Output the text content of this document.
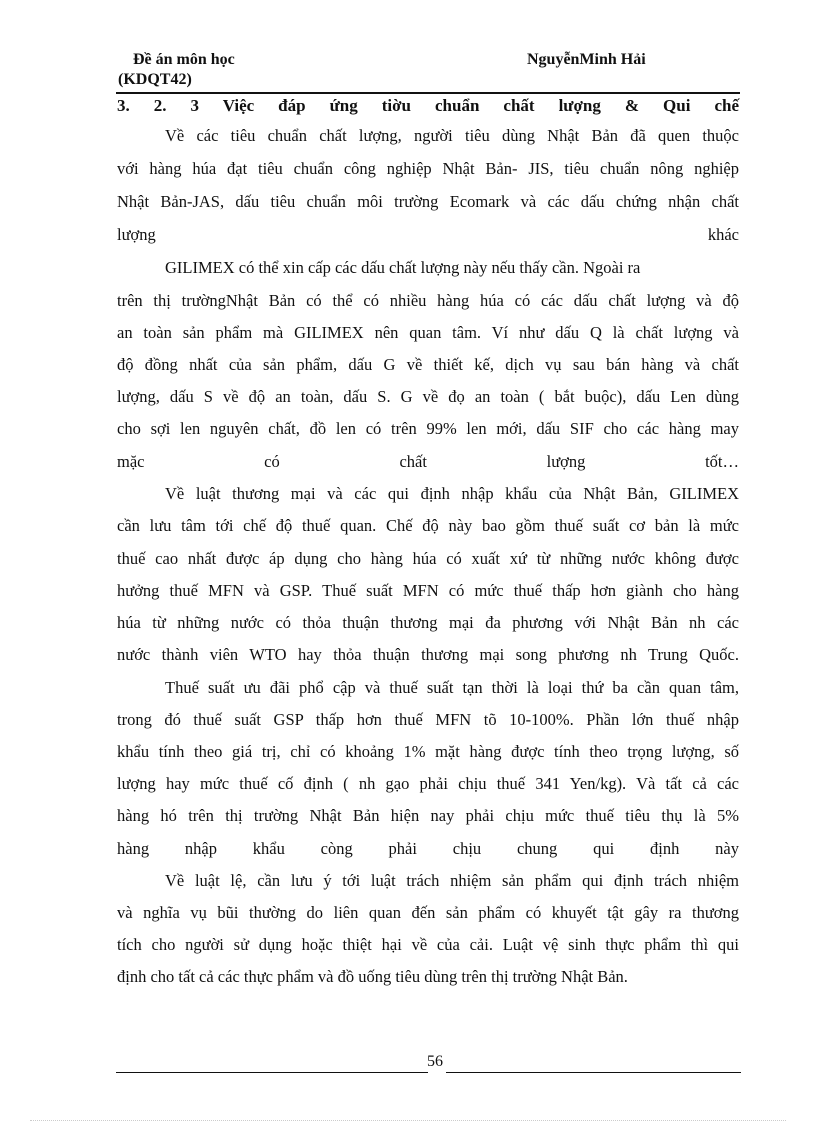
Đề án môn học
(KDQT42)
NguyễnMinh Hải
3. 2. 3 Việc đáp ứng tiờu chuẩn chất lượng & Qui chế
Về các tiêu chuẩn chất lượng, người tiêu dùng Nhật Bản đã quen thuộc
với hàng húa đạt tiêu chuẩn công nghiệp Nhật Bản- JIS, tiêu chuẩn nông nghiệp
Nhật Bản-JAS, dấu tiêu chuẩn môi trường Ecomark và các dấu chứng nhận chất
lượng khác
GILIMEX có thể xin cấp các dấu chất lượng này nếu thấy cần. Ngoài ra
trên thị trườngNhật Bản có thể có nhiều hàng húa có các dấu chất lượng và độ
an toàn sản phẩm mà GILIMEX nên quan tâm. Ví như dấu Q là chất lượng và
độ đồng nhất của sản phẩm, dấu G về thiết kế, dịch vụ sau bán hàng và chất
lượng, dấu S về độ an toàn, dấu S. G về đọ an toàn ( bắt buộc), dấu Len dùng
cho sợi len nguyên chất, đồ len có trên 99% len mới, dấu SIF cho các hàng may
mặc có chất lượng tốt…
Về luật thương mại và các qui định nhập khẩu của Nhật Bản, GILIMEX
cần lưu tâm tới chế độ thuế quan. Chế độ này bao gồm thuế suất cơ bản là mức
thuế cao nhất được áp dụng cho hàng húa có xuất xứ từ những nước không được
hưởng thuế MFN và GSP. Thuế suất MFN có mức thuế thấp hơn giành cho hàng
húa từ những nước có thỏa thuận thương mại đa phương với Nhật Bản nh các
nước thành viên WTO hay thỏa thuận thương mại song phương nh Trung Quốc.
Thuế suất ưu đãi phổ cập và thuế suất tạn thời là loại thứ ba cần quan tâm,
trong đó thuế suất GSP thấp hơn thuế MFN tõ 10-100%. Phần lớn thuế nhập
khẩu tính theo giá trị, chỉ có khoảng 1% mặt hàng được tính theo trọng lượng, số
lượng hay mức thuế cố định ( nh gạo phải chịu thuế 341 Yen/kg). Và tất cả các
hàng hó trên thị trường Nhật Bản hiện nay phải chịu mức thuế tiêu thụ là 5%
hàng nhập khẩu còng phải chịu chung qui định này
Về luật lệ, cần lưu ý tới luật trách nhiệm sản phẩm qui định trách nhiệm
và nghĩa vụ bũi thường do liên quan đến sản phẩm có khuyết tật gây ra thương
tích cho người sử dụng hoặc thiệt hại về của cải. Luật vệ sinh thực phẩm thì qui
định cho tất cả các thực phẩm và đồ uống tiêu dùng trên thị trường Nhật Bản.
56
